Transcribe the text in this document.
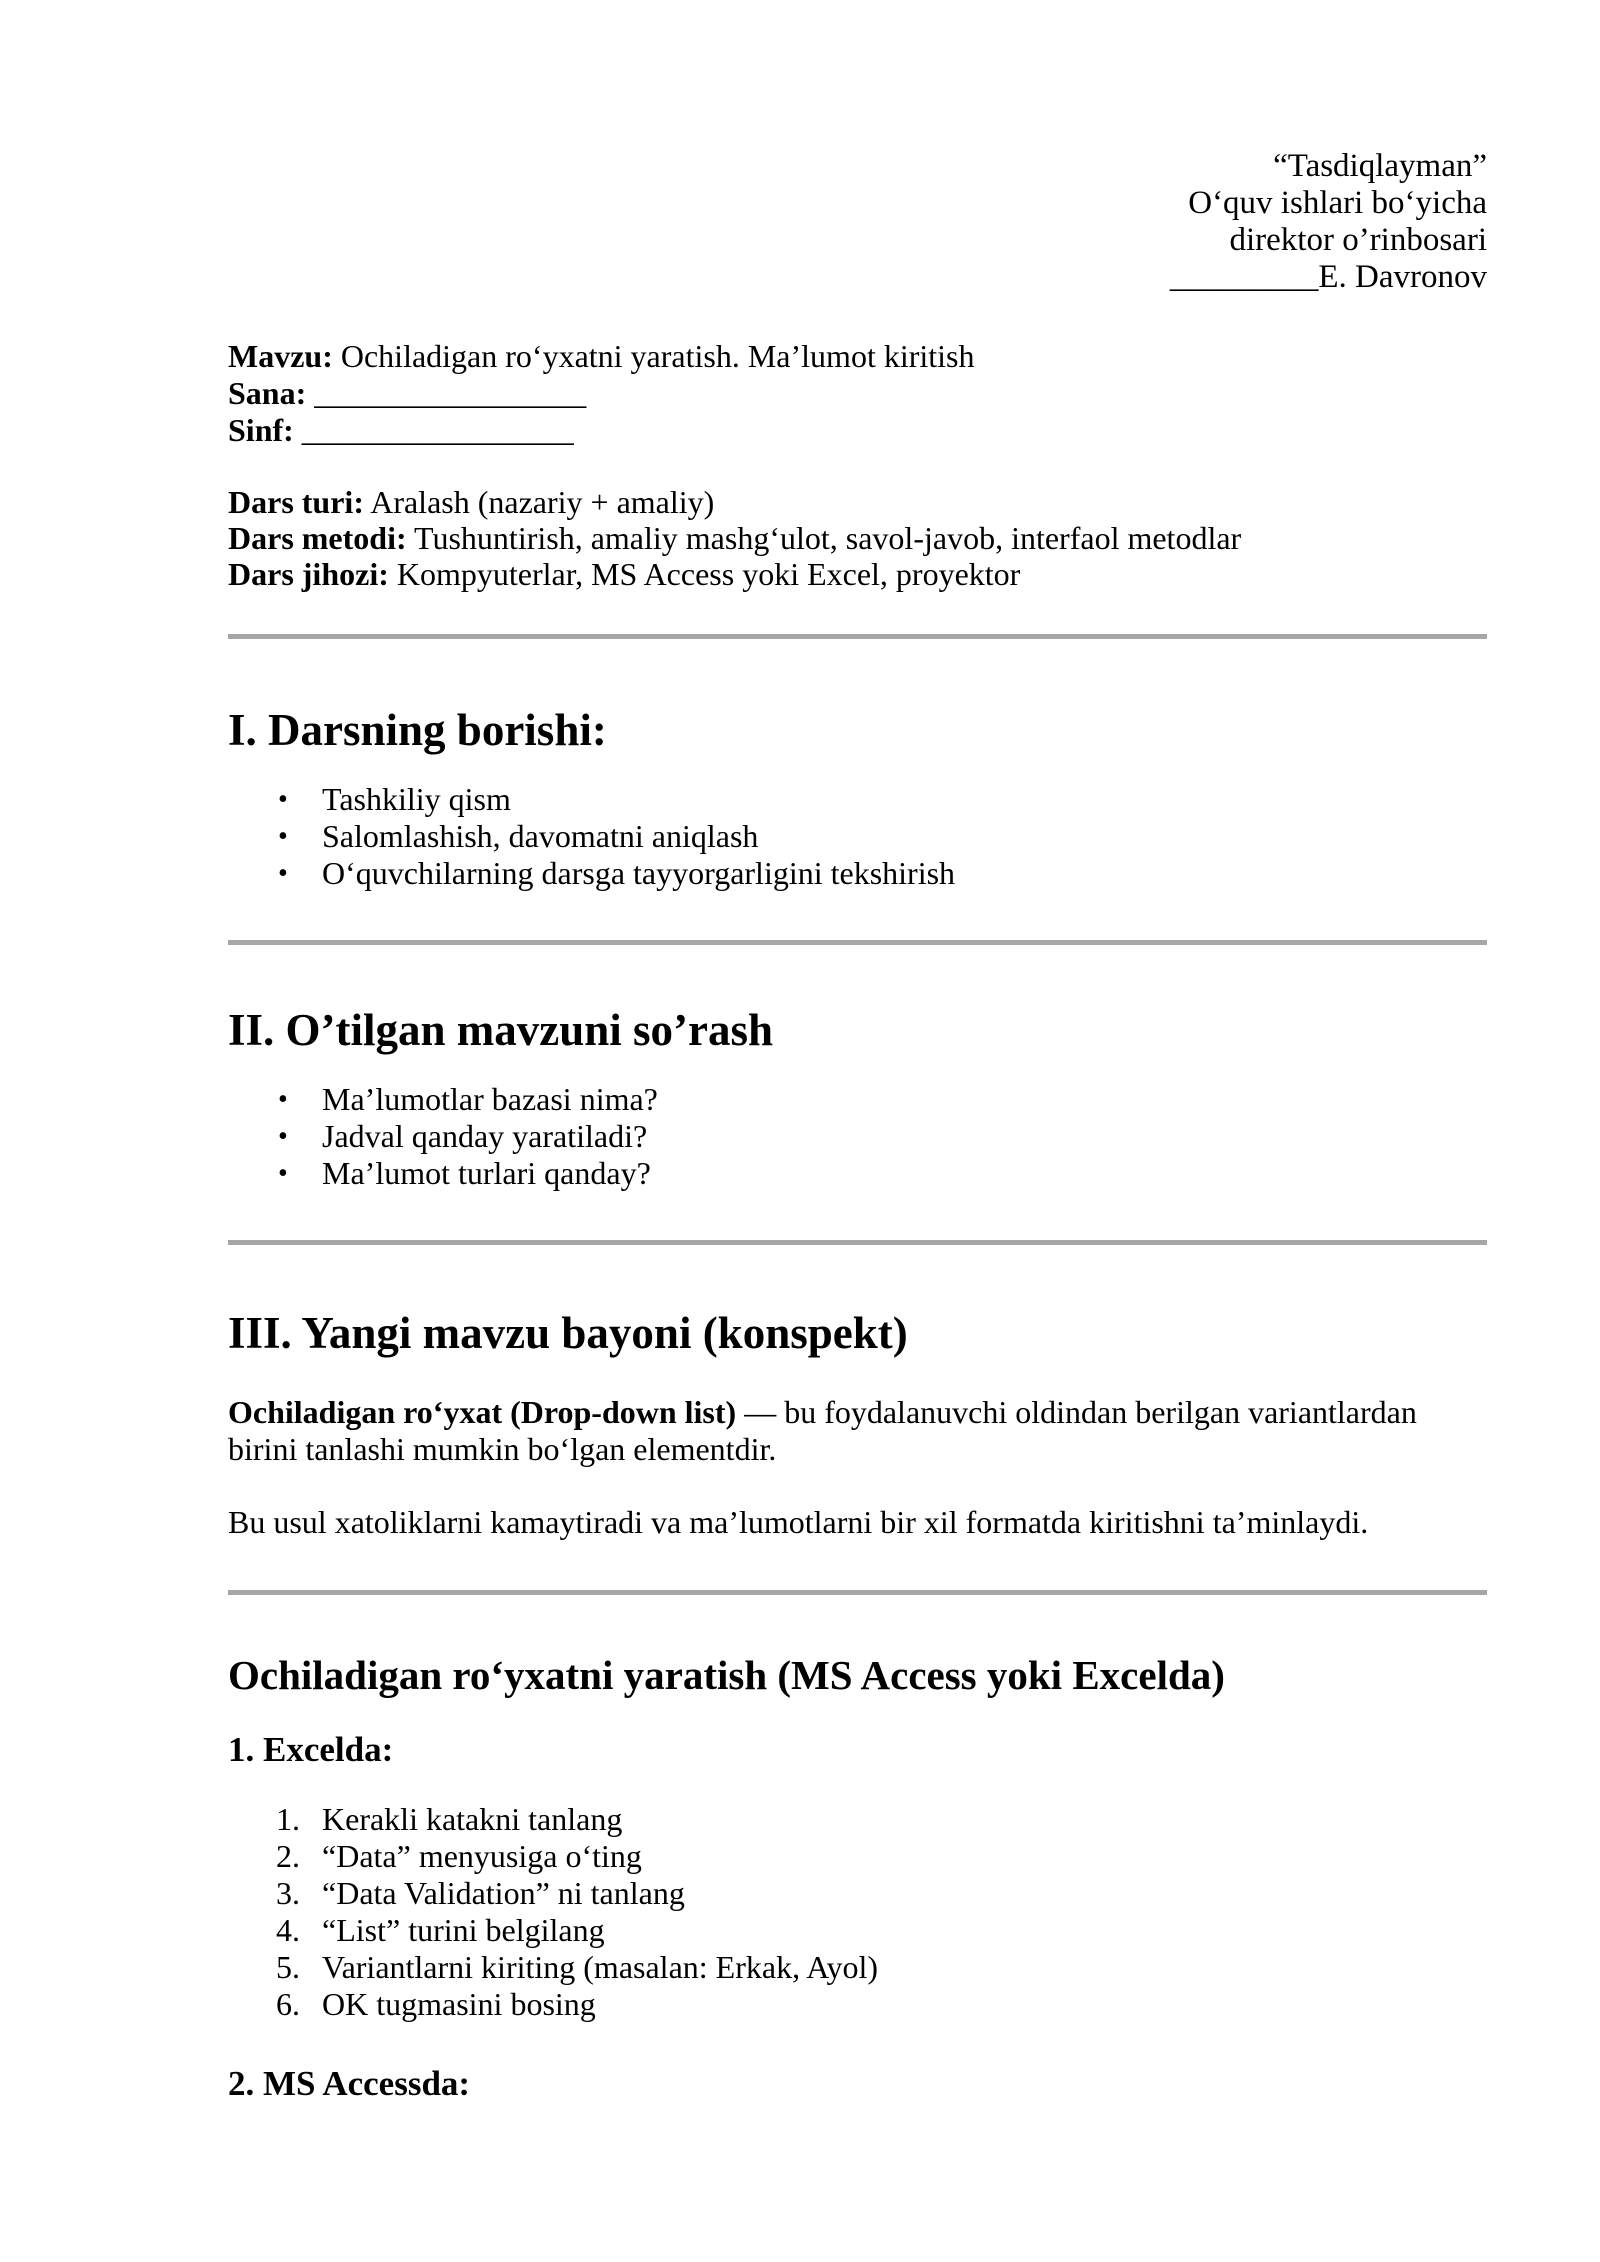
“Tasdiqlayman”
O‘quv ishlari bo‘yicha
direktor o’rinbosari
_________E. Davronov
Mavzu: Ochiladigan ro‘yxatni yaratish. Ma’lumot kiritish
Sana: _________________
Sinf: _________________
Dars turi: Aralash (nazariy + amaliy)
Dars metodi: Tushuntirish, amaliy mashg‘ulot, savol-javob, interfaol metodlar
Dars jihozi: Kompyuterlar, MS Access yoki Excel, proyektor
I. Darsning borishi:
• Tashkiliy qism
• Salomlashish, davomatni aniqlash
• O‘quvchilarning darsga tayyorgarligini tekshirish
II. O’tilgan mavzuni so’rash
• Ma’lumotlar bazasi nima?
• Jadval qanday yaratiladi?
• Ma’lumot turlari qanday?
III. Yangi mavzu bayoni (konspekt)
Ochiladigan ro‘yxat (Drop-down list) — bu foydalanuvchi oldindan berilgan variantlardan birini tanlashi mumkin bo‘lgan elementdir.
Bu usul xatoliklarni kamaytiradi va ma’lumotlarni bir xil formatda kiritishni ta’minlaydi.
Ochiladigan ro‘yxatni yaratish (MS Access yoki Excelda)
1. Excelda:
Kerakli katakni tanlang
“Data” menyusiga o‘ting
“Data Validation” ni tanlang
“List” turini belgilang
Variantlarni kiriting (masalan: Erkak, Ayol)
OK tugmasini bosing
2. MS Accessda:
